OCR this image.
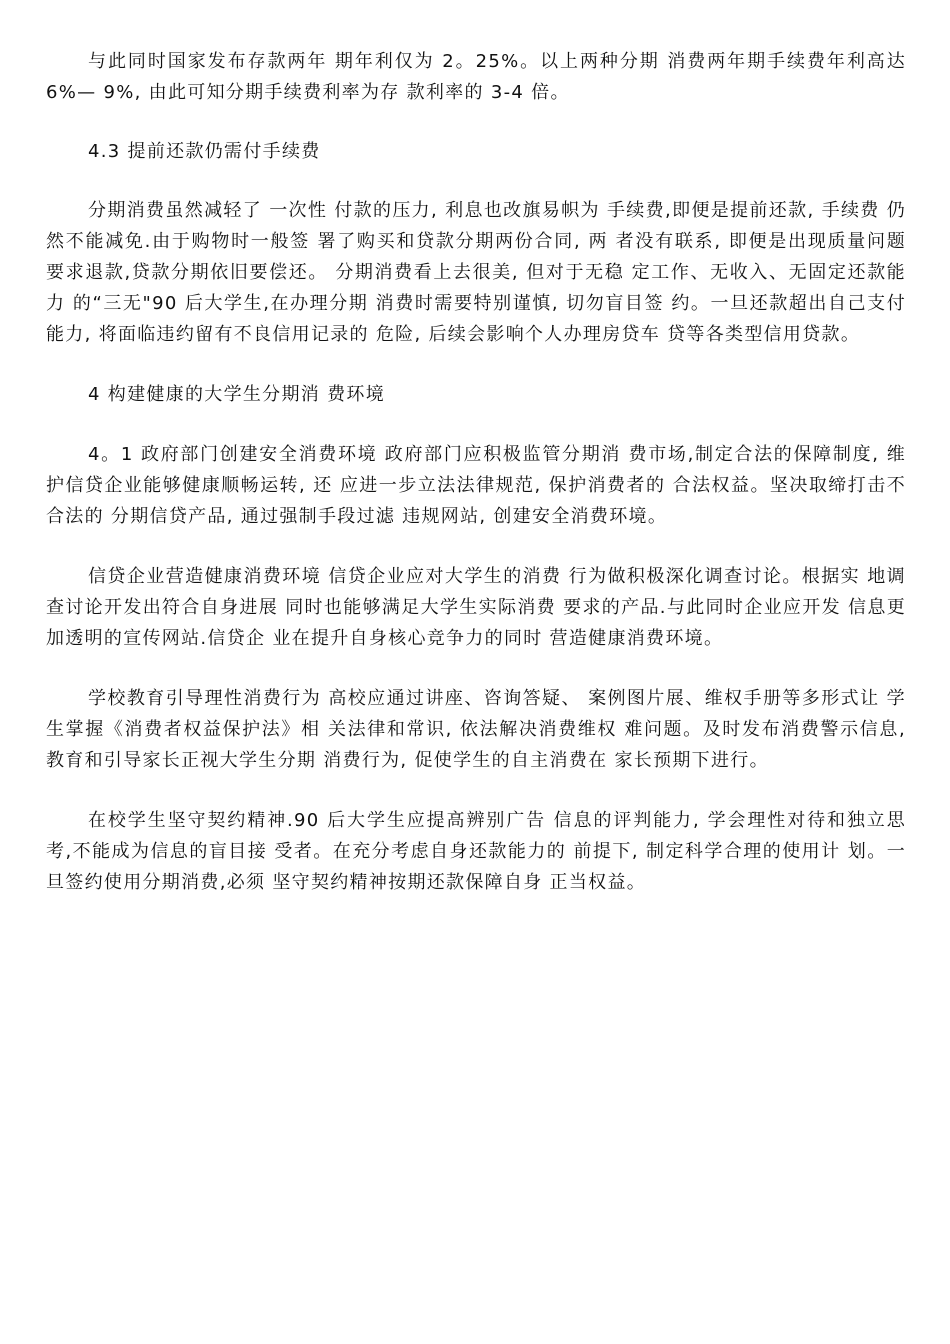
与此同时国家发布存款两年 期年利仅为 2。25%。以上两种分期 消费两年期手续费年利高达 6%— 9%, 由此可知分期手续费利率为存 款利率的 3-4 倍。

4.3 提前还款仍需付手续费

分期消费虽然减轻了 一次性 付款的压力, 利息也改旗易帜为 手续费,即便是提前还款, 手续费 仍然不能减免.由于购物时一般签 署了购买和贷款分期两份合同, 两 者没有联系, 即便是出现质量问题 要求退款,贷款分期依旧要偿还。 分期消费看上去很美, 但对于无稳 定工作、无收入、无固定还款能力 的“三无"90 后大学生,在办理分期 消费时需要特别谨慎, 切勿盲目签 约。一旦还款超出自己支付能力, 将面临违约留有不良信用记录的 危险, 后续会影响个人办理房贷车 贷等各类型信用贷款。

4 构建健康的大学生分期消 费环境

4。1 政府部门创建安全消费环境 政府部门应积极监管分期消 费市场,制定合法的保障制度, 维 护信贷企业能够健康顺畅运转, 还 应进一步立法法律规范, 保护消费者的 合法权益。坚决取缔打击不合法的 分期信贷产品, 通过强制手段过滤 违规网站, 创建安全消费环境。

信贷企业营造健康消费环境 信贷企业应对大学生的消费 行为做积极深化调查讨论。根据实 地调查讨论开发出符合自身进展 同时也能够满足大学生实际消费 要求的产品.与此同时企业应开发 信息更加透明的宣传网站.信贷企 业在提升自身核心竞争力的同时 营造健康消费环境。

学校教育引导理性消费行为 高校应通过讲座、咨询答疑、 案例图片展、维权手册等多形式让 学生掌握《消费者权益保护法》相 关法律和常识, 依法解决消费维权 难问题。及时发布消费警示信息, 教育和引导家长正视大学生分期 消费行为, 促使学生的自主消费在 家长预期下进行。

在校学生坚守契约精神.90 后大学生应提高辨别广告 信息的评判能力, 学会理性对待和独立思考,不能成为信息的盲目接 受者。在充分考虑自身还款能力的 前提下, 制定科学合理的使用计 划。一旦签约使用分期消费,必须 坚守契约精神按期还款保障自身 正当权益。
